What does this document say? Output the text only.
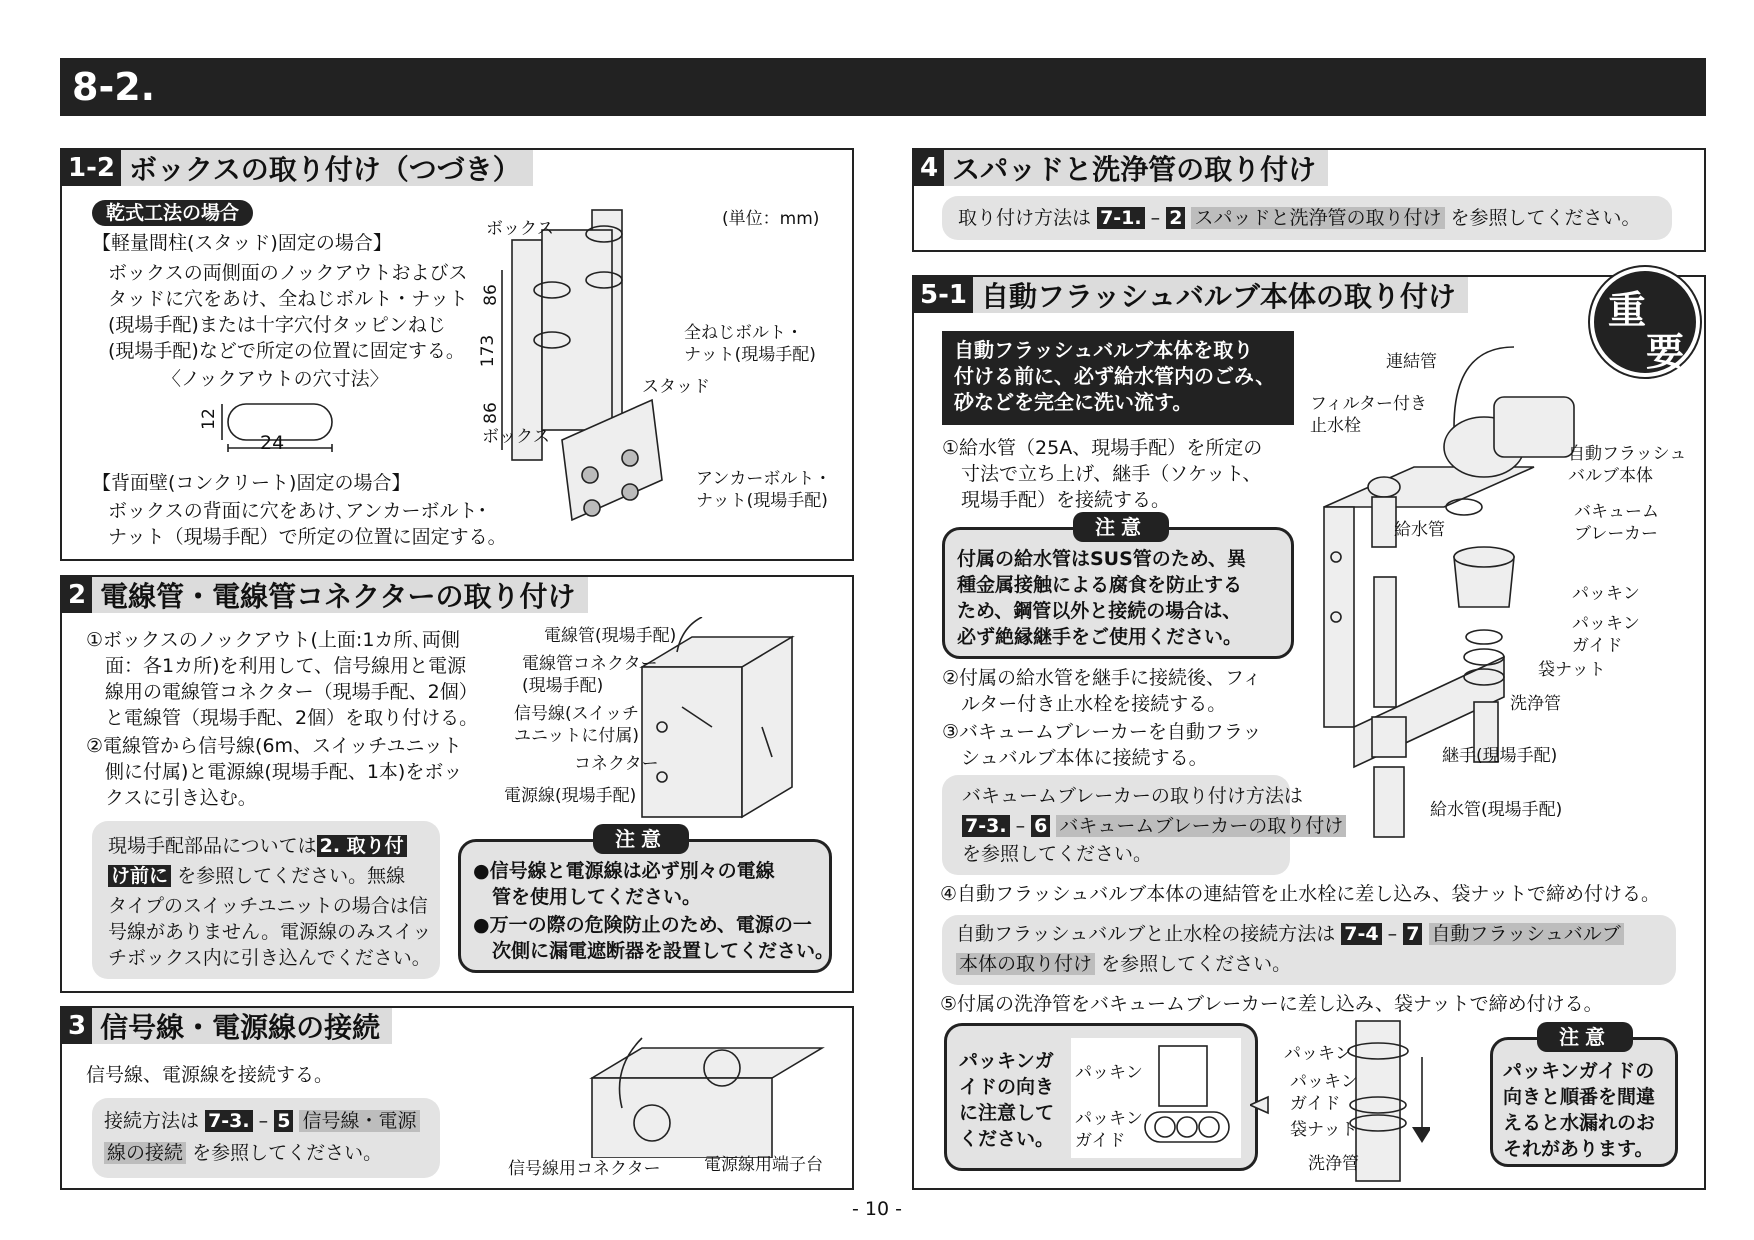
8-2.
1-2 ボックスの取り付け（つづき）
乾式工法の場合
【軽量間柱(スタッド)固定の場合】
ボックスの両側面のノックアウトおよびス
タッドに穴をあけ、全ねじボルト・ナット
(現場手配)または十字穴付タッピンねじ
(現場手配)などで所定の位置に固定する。
〈ノックアウトの穴寸法〉
12
24
【背面壁(コンクリート)固定の場合】
ボックスの背面に穴をあけ､アンカーボルト･
ナット（現場手配）で所定の位置に固定する。
(単位：mm)
ボックス
86
173
86
全ねじボルト・
ナット(現場手配)
スタッド
ボックス
アンカーボルト・
ナット(現場手配)
2 電線管・電線管コネクターの取り付け
①ボックスのノックアウト(上面:1カ所､両側
　面：各1カ所)を利用して、信号線用と電源
　線用の電線管コネクター（現場手配、2個）
　と電線管（現場手配、2個）を取り付ける。
②電線管から信号線(6m、スイッチユニット
　側に付属)と電源線(現場手配、1本)をボッ
　クスに引き込む。
電線管(現場手配)
電線管コネクター
(現場手配)
信号線(スイッチ
ユニットに付属)
コネクター
電源線(現場手配)
現場手配部品については 2. 取り付
け前に を参照してください。無線
タイプのスイッチユニットの場合は信
号線がありません。電源線のみスイッ
チボックス内に引き込んでください。
注意
●信号線と電源線は必ず別々の電線
　管を使用してください。
●万一の際の危険防止のため、電源の一
　次側に漏電遮断器を設置してください。
3 信号線・電源線の接続
信号線、電源線を接続する。
接続方法は 7-3. – 5 信号線・電源
線の接続 を参照してください。
信号線用コネクター	電源線用端子台
4 スパッドと洗浄管の取り付け
取り付け方法は 7-1. – 2 スパッドと洗浄管の取り付け を参照してください。
5-1 自動フラッシュバルブ本体の取り付け	重
要
自動フラッシュバルブ本体を取り
付ける前に、必ず給水管内のごみ、
砂などを完全に洗い流す。
①給水管（25A、現場手配）を所定の
　寸法で立ち上げ、継手（ソケット、
　現場手配）を接続する。
注意
付属の給水管はSUS管のため、異
種金属接触による腐食を防止する
ため、鋼管以外と接続の場合は、
必ず絶縁継手をご使用ください。
②付属の給水管を継手に接続後、フィ
　ルター付き止水栓を接続する。
③バキュームブレーカーを自動フラッ
　シュバルブ本体に接続する。
バキュームブレーカーの取り付け方法は
7-3. – 6 バキュームブレーカーの取り付け
を参照してください。
連結管
フィルター付き
止水栓
自動フラッシュ
バルブ本体
給水管
バキューム
ブレーカー
パッキン
パッキン
ガイド
袋ナット
洗浄管
継手(現場手配)
給水管(現場手配)
④自動フラッシュバルブ本体の連結管を止水栓に差し込み、袋ナットで締め付ける。
自動フラッシュバルブと止水栓の接続方法は 7-4 – 7 自動フラッシュバルブ
本体の取り付け を参照してください。
⑤付属の洗浄管をバキュームブレーカーに差し込み、袋ナットで締め付ける。
パッキンガ
イドの向き
に注意して
ください。
パッキン
パッキン
ガイド
パッキン
パッキン
ガイド
袋ナット
洗浄管
注意
パッキンガイドの
向きと順番を間違
えると水漏れのお
それがあります。
- 10 -
